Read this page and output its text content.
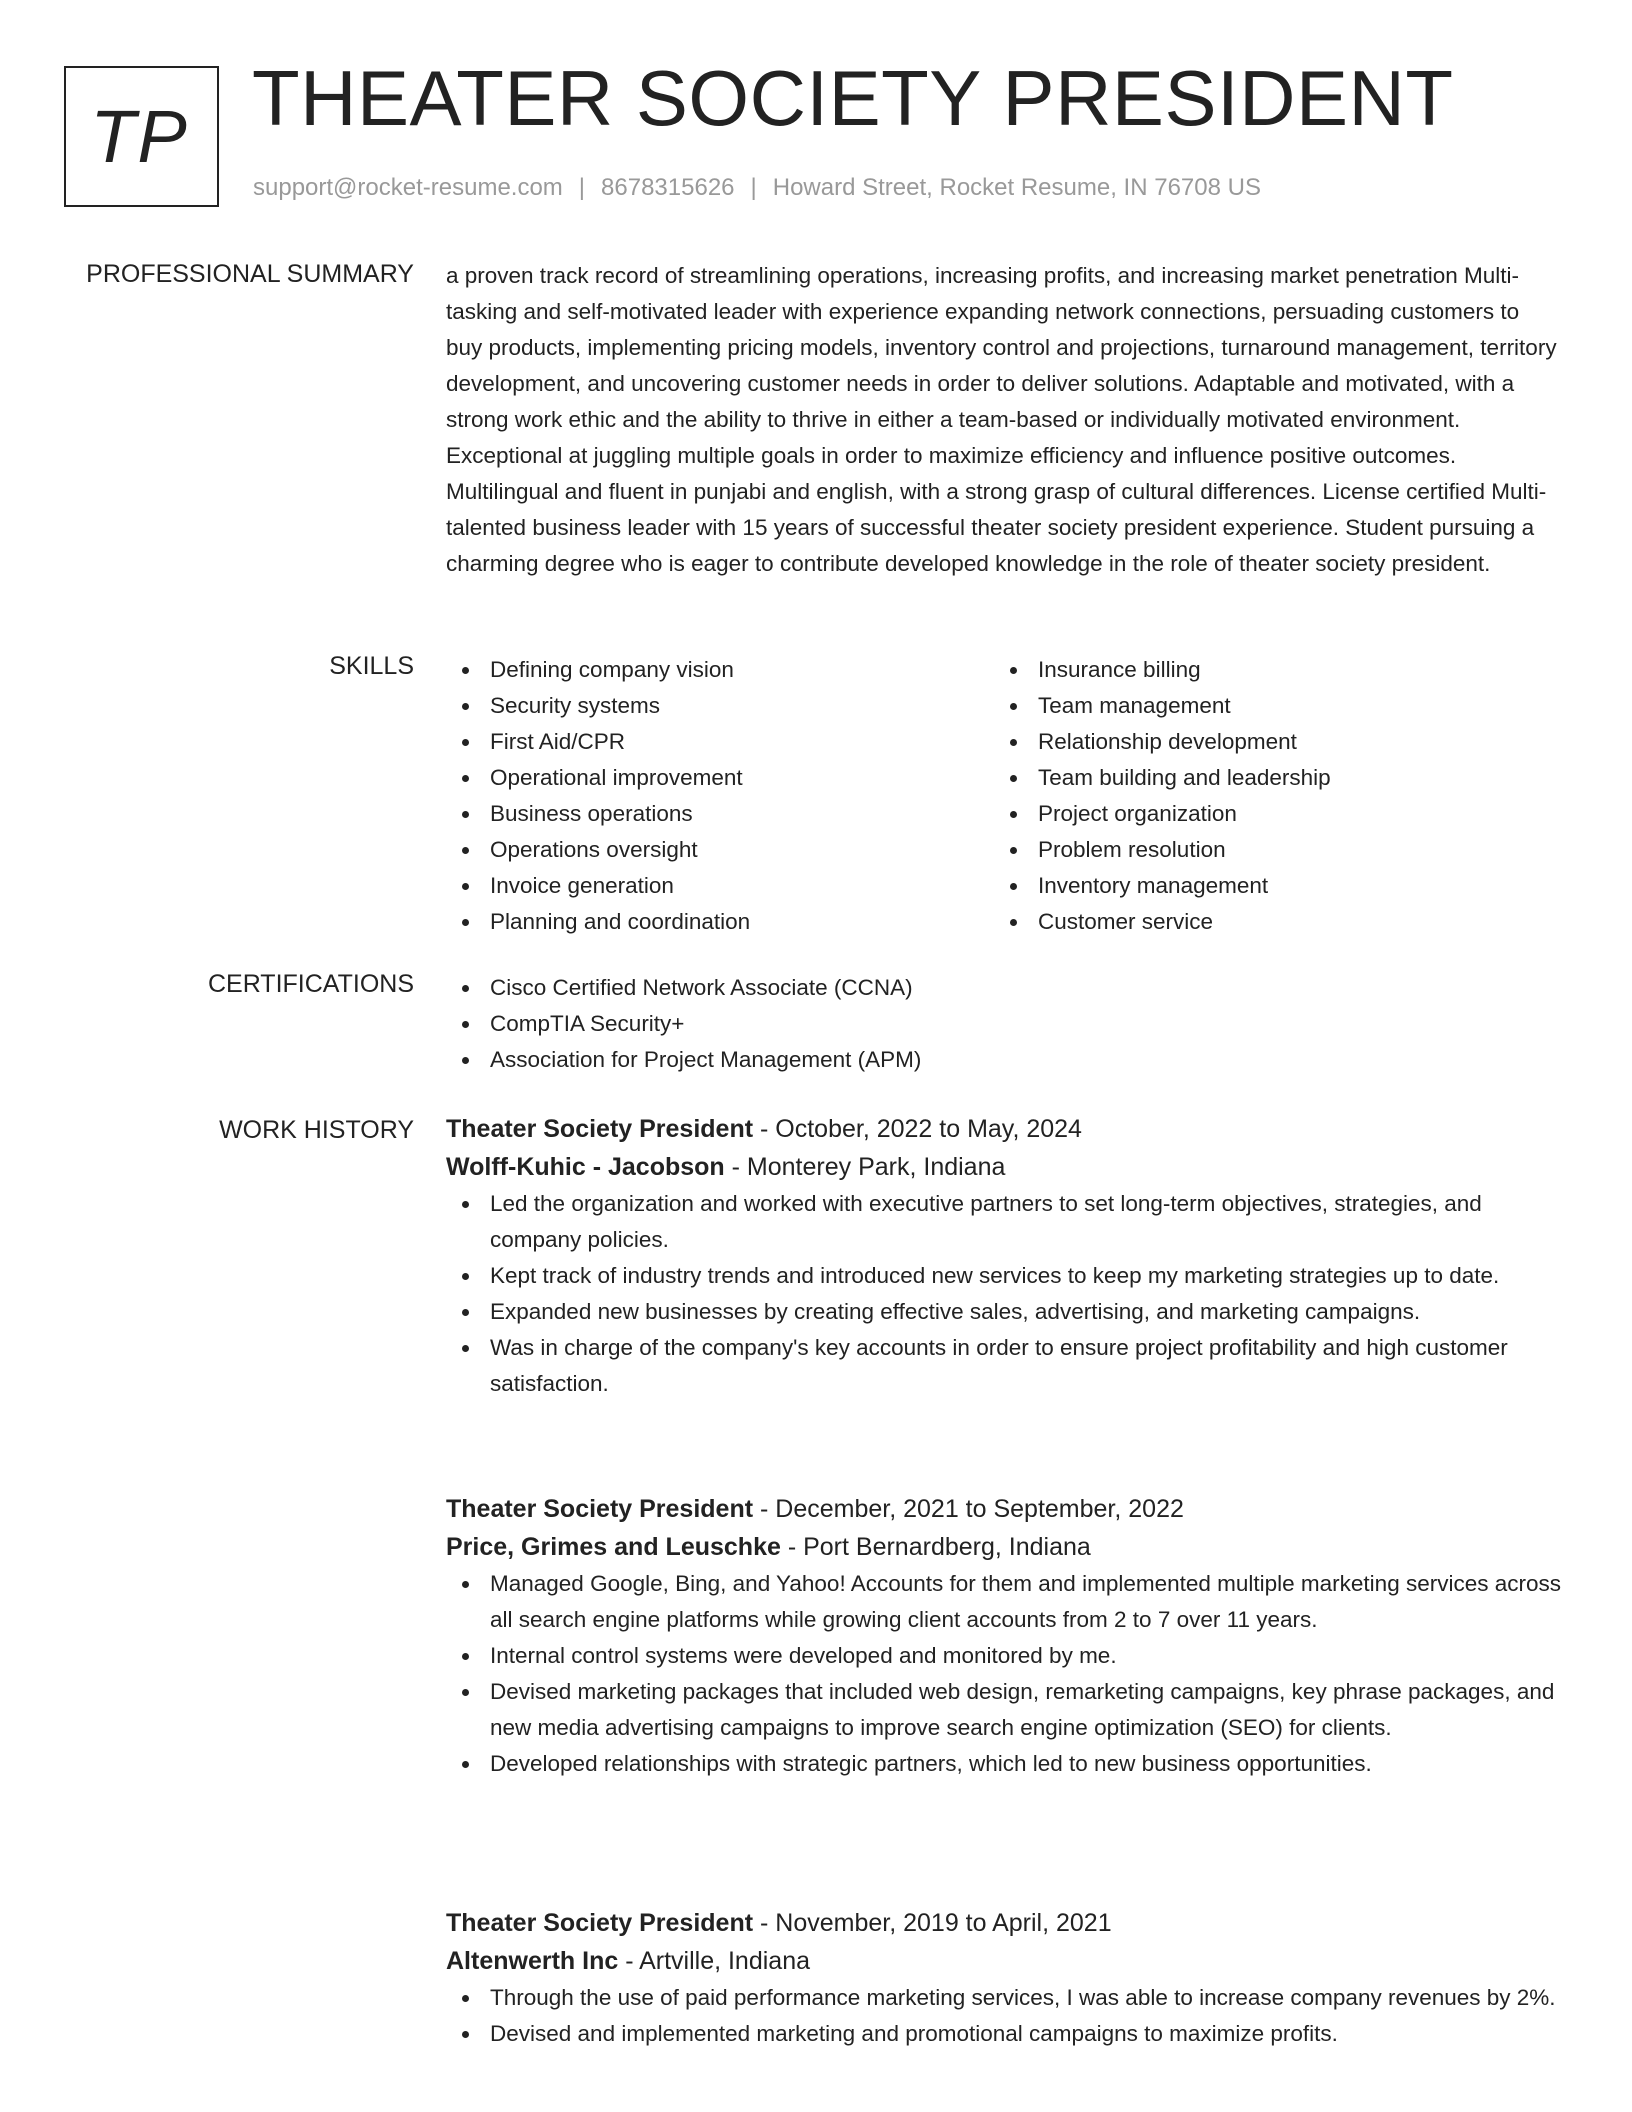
TP THEATER SOCIETY PRESIDENT
support@rocket-resume.com | 8678315626 | Howard Street, Rocket Resume, IN 76708 US
PROFESSIONAL SUMMARY a proven track record of streamlining operations, increasing profits, and increasing market penetration Multi-tasking and self-motivated leader with experience expanding network connections, persuading customers to buy products, implementing pricing models, inventory control and projections, turnaround management, territory development, and uncovering customer needs in order to deliver solutions. Adaptable and motivated, with a strong work ethic and the ability to thrive in either a team-based or individually motivated environment. Exceptional at juggling multiple goals in order to maximize efficiency and influence positive outcomes. Multilingual and fluent in punjabi and english, with a strong grasp of cultural differences. License certified Multi-talented business leader with 15 years of successful theater society president experience. Student pursuing a charming degree who is eager to contribute developed knowledge in the role of theater society president.

SKILLS	Defining company vision
Security systems
First Aid/CPR
Operational improvement
Business operations
Operations oversight
Invoice generation
Planning and coordination
Insurance billing
Team management
Relationship development
Team building and leadership
Project organization
Problem resolution
Inventory management
Customer service
CERTIFICATIONS	Cisco Certified Network Associate (CCNA)
CompTIA Security+
Association for Project Management (APM)
WORK HISTORY Theater Society President - October, 2022 to May, 2024
Wolff-Kuhic - Jacobson - Monterey Park, Indiana
Led the organization and worked with executive partners to set long-term objectives, strategies, and company policies.
Kept track of industry trends and introduced new services to keep my marketing strategies up to date.
Expanded new businesses by creating effective sales, advertising, and marketing campaigns.
Was in charge of the company's key accounts in order to ensure project profitability and high customer satisfaction.
Theater Society President - December, 2021 to September, 2022
Price, Grimes and Leuschke - Port Bernardberg, Indiana
Managed Google, Bing, and Yahoo! Accounts for them and implemented multiple marketing services across all search engine platforms while growing client accounts from 2 to 7 over 11 years.
Internal control systems were developed and monitored by me.
Devised marketing packages that included web design, remarketing campaigns, key phrase packages, and new media advertising campaigns to improve search engine optimization (SEO) for clients.
Developed relationships with strategic partners, which led to new business opportunities.
Theater Society President - November, 2019 to April, 2021
Altenwerth Inc - Artville, Indiana
Through the use of paid performance marketing services, I was able to increase company revenues by 2%.
Devised and implemented marketing and promotional campaigns to maximize profits.
